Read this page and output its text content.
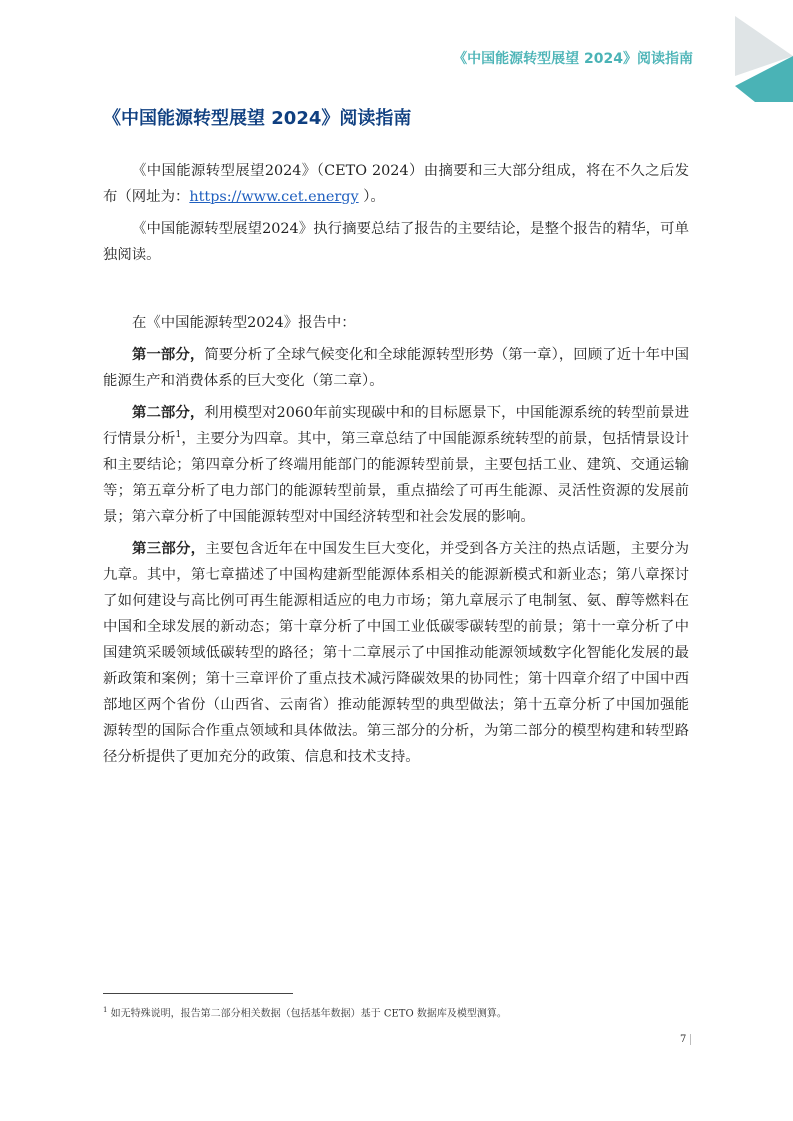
《中国能源转型展望 2024》阅读指南
《中国能源转型展望 2024》阅读指南

《中国能源转型展望2024》（CETO 2024）由摘要和三大部分组成，将在不久之后发布（网址为：https://www.cet.energy ）。

《中国能源转型展望2024》执行摘要总结了报告的主要结论，是整个报告的精华，可单独阅读。

在《中国能源转型2024》报告中：

第一部分，简要分析了全球气候变化和全球能源转型形势（第一章），回顾了近十年中国能源生产和消费体系的巨大变化（第二章）。

第二部分，利用模型对2060年前实现碳中和的目标愿景下，中国能源系统的转型前景进行情景分析$^1$，主要分为四章。其中，第三章总结了中国能源系统转型的前景，包括情景设计和主要结论；第四章分析了终端用能部门的能源转型前景，主要包括工业、建筑、交通运输等；第五章分析了电力部门的能源转型前景，重点描绘了可再生能源、灵活性资源的发展前景；第六章分析了中国能源转型对中国经济转型和社会发展的影响。

第三部分，主要包含近年在中国发生巨大变化，并受到各方关注的热点话题，主要分为九章。其中，第七章描述了中国构建新型能源体系相关的能源新模式和新业态；第八章探讨了如何建设与高比例可再生能源相适应的电力市场；第九章展示了电制氢、氨、醇等燃料在中国和全球发展的新动态；第十章分析了中国工业低碳零碳转型的前景；第十一章分析了中国建筑采暖领域低碳转型的路径；第十二章展示了中国推动能源领域数字化智能化发展的最新政策和案例；第十三章评价了重点技术减污降碳效果的协同性；第十四章介绍了中国中西部地区两个省份（山西省、云南省）推动能源转型的典型做法；第十五章分析了中国加强能源转型的国际合作重点领域和具体做法。第三部分的分析，为第二部分的模型构建和转型路径分析提供了更加充分的政策、信息和技术支持。

$^1$ 如无特殊说明，报告第二部分相关数据（包括基年数据）基于 CETO 数据库及模型测算。
7
